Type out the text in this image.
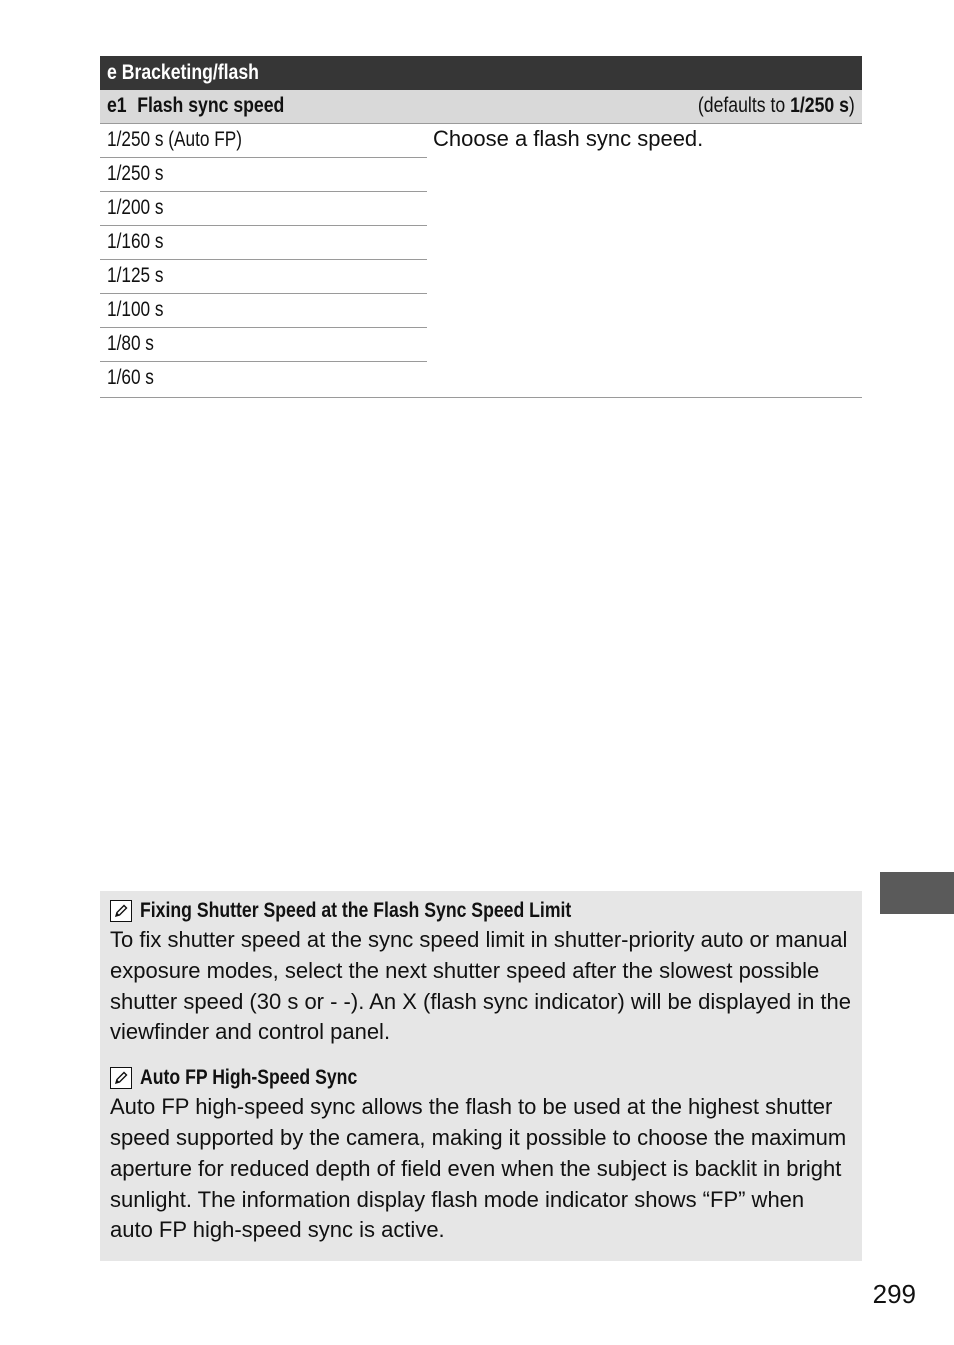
e Bracketing/flash
e1 Flash sync speed	(defaults to 1/250 s)
1/250 s (Auto FP)
1/250 s
1/200 s
1/160 s
1/125 s
1/100 s
1/80 s
1/60 s
Choose a flash sync speed.
Fixing Shutter Speed at the Flash Sync Speed Limit

To fix shutter speed at the sync speed limit in shutter-priority auto or manual exposure modes, select the next shutter speed after the slowest possible shutter speed (30 s or - -). An X (flash sync indicator) will be displayed in the viewfinder and control panel.

Auto FP High-Speed Sync

Auto FP high-speed sync allows the flash to be used at the highest shutter speed supported by the camera, making it possible to choose the maximum aperture for reduced depth of field even when the subject is backlit in bright sunlight. The information display flash mode indicator shows “FP” when auto FP high-speed sync is active.

299
